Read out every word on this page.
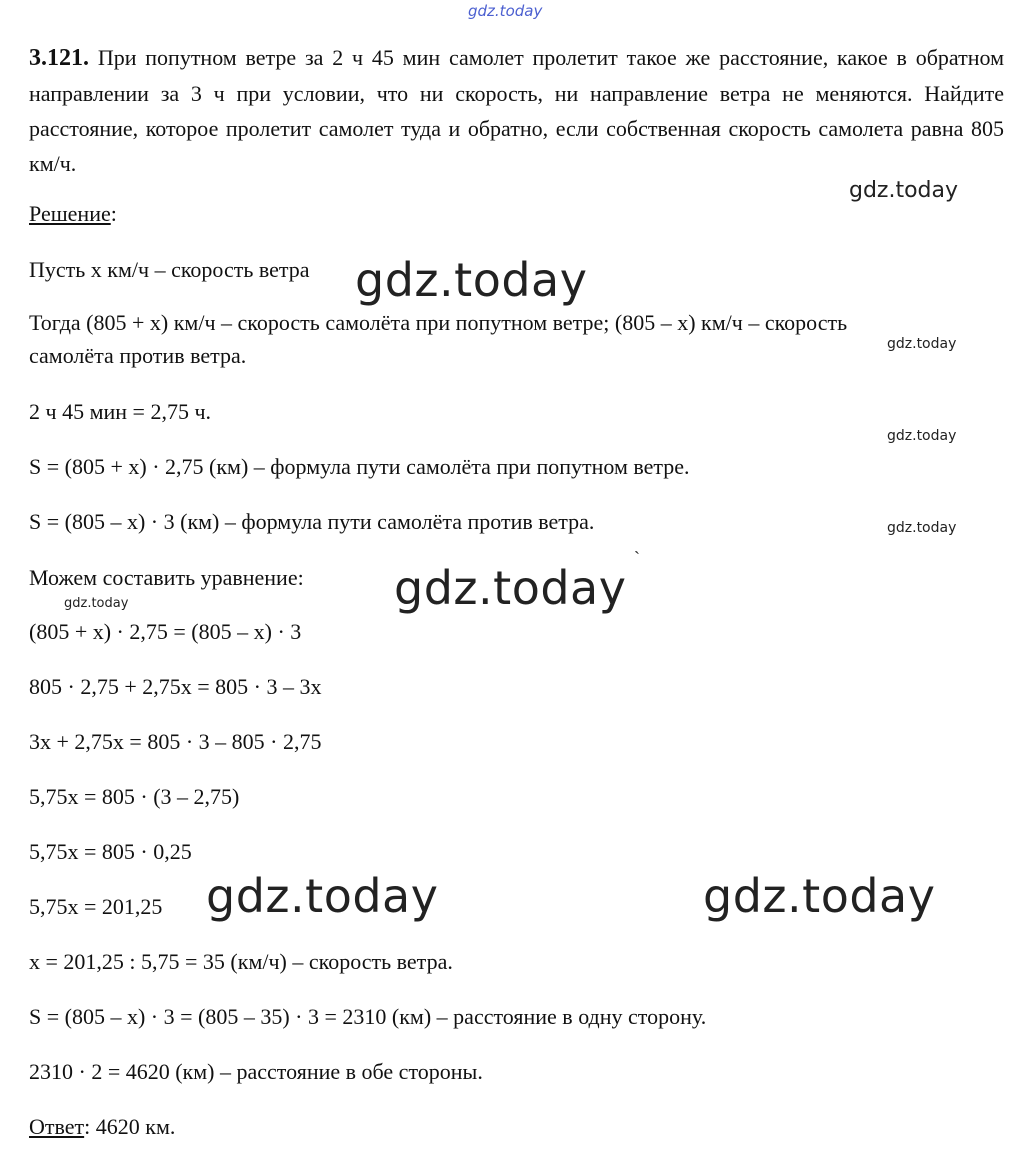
gdz.today
gdz.today
gdz.today
gdz.today
gdz.today
gdz.today
gdz.today
`
gdz.today
gdz.today	gdz.today
3.121. При попутном ветре за 2 ч 45 мин самолет пролетит такое же расстояние, какое в обратном направлении за 3 ч при условии, что ни скорость, ни направление ветра не меняются. Найдите расстояние, которое пролетит самолет туда и обратно, если собственная скорость самолета равна 805 км/ч.
Решение:
Пусть х км/ч – скорость ветра
Тогда (805 + х) км/ч – скорость самолёта при попутном ветре; (805 – х) км/ч – скорость
самолёта против ветра.
2 ч 45 мин = 2,75 ч.
S = (805 + х) · 2,75 (км) – формула пути самолёта при попутном ветре.
S = (805 – х) · 3 (км) – формула пути самолёта против ветра.
Можем составить уравнение:
(805 + х) · 2,75 = (805 – х) · 3
805 · 2,75 + 2,75х = 805 · 3 – 3х
3х + 2,75х = 805 · 3 – 805 · 2,75
5,75х = 805 · (3 – 2,75)
5,75х = 805 · 0,25
5,75х = 201,25
х = 201,25 : 5,75 = 35 (км/ч) – скорость ветра.
S = (805 – х) · 3 = (805 – 35) · 3 = 2310 (км) – расстояние в одну сторону.
2310 · 2 = 4620 (км) – расстояние в обе стороны.
Ответ: 4620 км.
